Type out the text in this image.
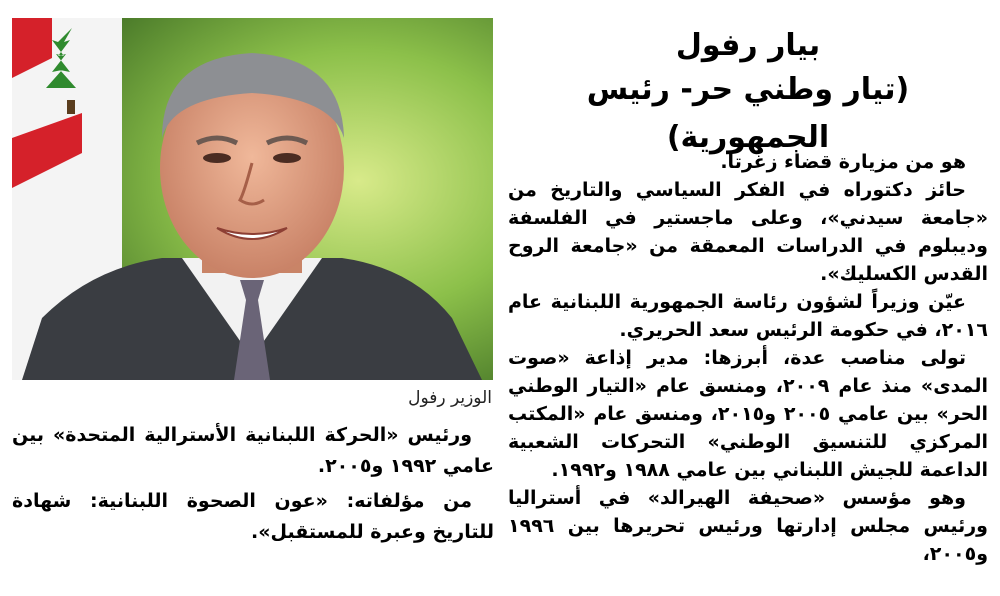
الوزير رفول
بيار رفول
(تيار وطني حر- رئيس الجمهورية)

هو من مزيارة قضاء زغرتا.

حائز دكتوراه في الفكر السياسي والتاريخ من «جامعة سيدني»، وعلى ماجستير في الفلسفة وديبلوم في الدراسات المعمقة من «جامعة الروح القدس الكسليك».

عيّن وزيراً لشؤون رئاسة الجمهورية اللبنانية عام ٢٠١٦، في حكومة الرئيس سعد الحريري.

تولى مناصب عدة، أبرزها: مدير إذاعة «صوت المدى» منذ عام ٢٠٠٩، ومنسق عام «التيار الوطني الحر» بين عامي ٢٠٠٥ و٢٠١٥، ومنسق عام «المكتب المركزي للتنسيق الوطني» التحركات الشعبية الداعمة للجيش اللبناني بين عامي ١٩٨٨ و١٩٩٢.

وهو مؤسس «صحيفة الهيرالد» في أستراليا ورئيس مجلس إدارتها ورئيس تحريرها بين ١٩٩٦ و٢٠٠٥،

ورئيس «الحركة اللبنانية الأسترالية المتحدة» بين عامي ١٩٩٢ و٢٠٠٥.

من مؤلفاته: «عون الصحوة اللبنانية: شهادة للتاريخ وعبرة للمستقبل».
